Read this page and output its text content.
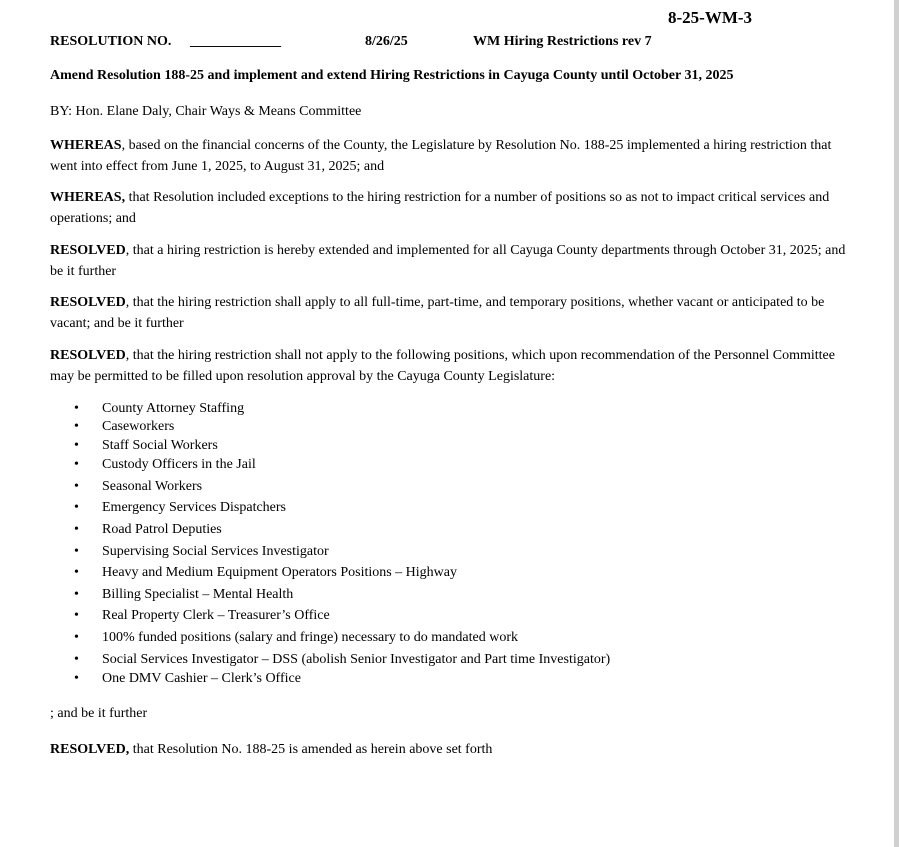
8-25-WM-3
RESOLUTION NO. _____________	8/26/25	WM Hiring Restrictions rev 7
Amend Resolution 188-25 and implement and extend Hiring Restrictions in Cayuga County until October 31, 2025
BY: Hon. Elane Daly, Chair Ways & Means Committee
WHEREAS, based on the financial concerns of the County, the Legislature by Resolution No. 188-25 implemented a hiring restriction that went into effect from June 1, 2025, to August 31, 2025; and
WHEREAS, that Resolution included exceptions to the hiring restriction for a number of positions so as not to impact critical services and operations; and
RESOLVED, that a hiring restriction is hereby extended and implemented for all Cayuga County departments through October 31, 2025; and be it further
RESOLVED, that the hiring restriction shall apply to all full-time, part-time, and temporary positions, whether vacant or anticipated to be vacant; and be it further
RESOLVED, that the hiring restriction shall not apply to the following positions, which upon recommendation of the Personnel Committee may be permitted to be filled upon resolution approval by the Cayuga County Legislature:
• County Attorney Staffing
• Caseworkers
• Staff Social Workers
• Custody Officers in the Jail
• Seasonal Workers
• Emergency Services Dispatchers
• Road Patrol Deputies
• Supervising Social Services Investigator
• Heavy and Medium Equipment Operators Positions – Highway
• Billing Specialist – Mental Health
• Real Property Clerk – Treasurer’s Office
• 100% funded positions (salary and fringe) necessary to do mandated work
• Social Services Investigator – DSS (abolish Senior Investigator and Part time Investigator)
• One DMV Cashier – Clerk’s Office
; and be it further
RESOLVED, that Resolution No. 188-25 is amended as herein above set forth
